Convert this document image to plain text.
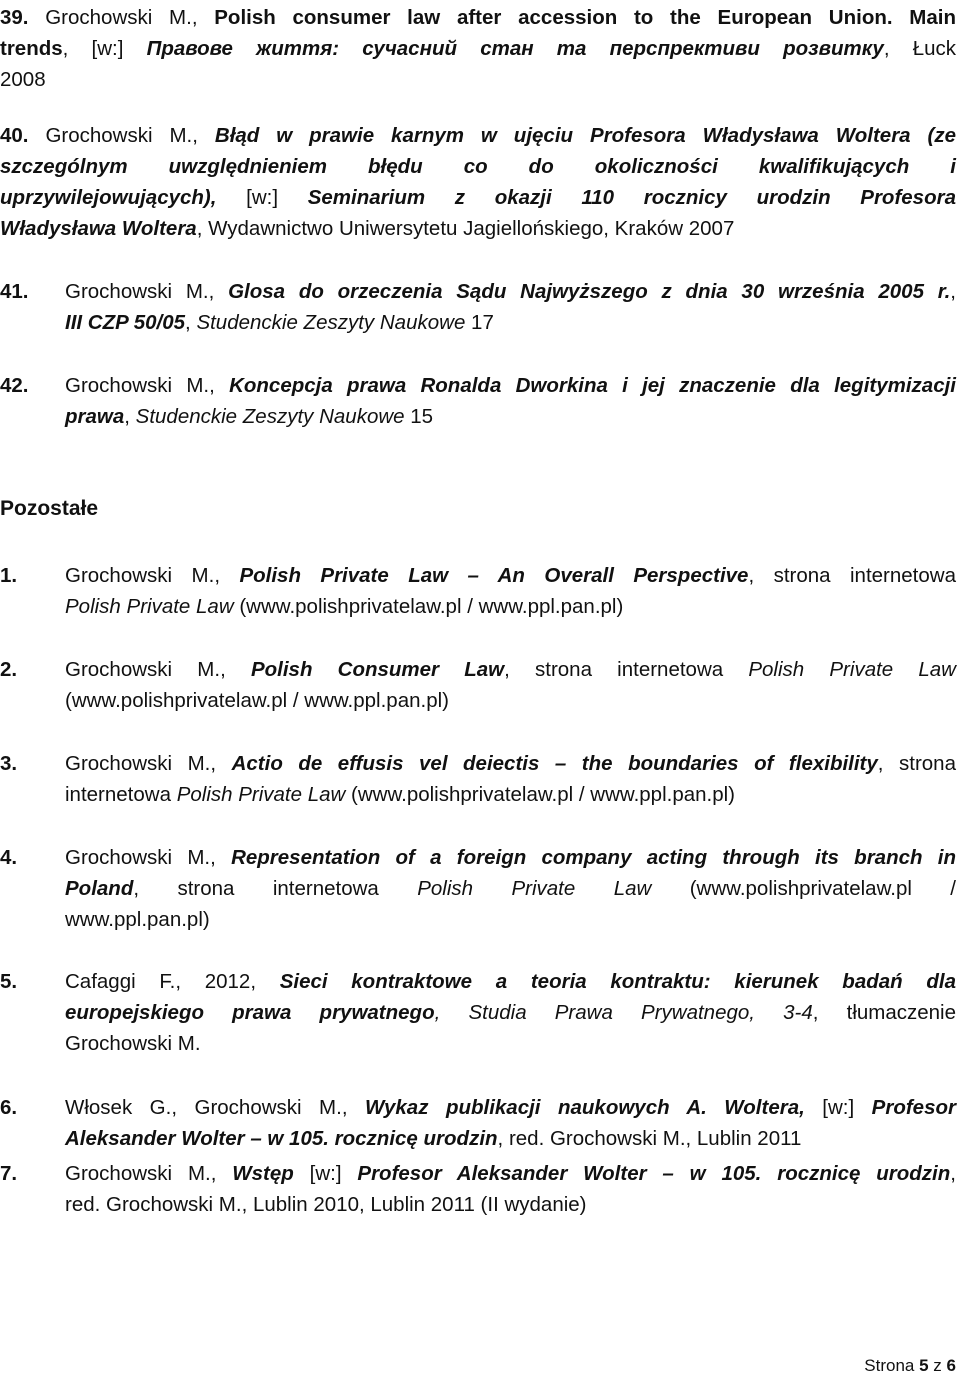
39. Grochowski M., Polish consumer law after accession to the European Union. Main
trends, [w:] Правове життя: сучасний стан та перспрективи розвитку, Łuck
2008
40. Grochowski M., Błąd w prawie karnym w ujęciu Profesora Władysława Woltera (ze
szczególnym uwzględnieniem błędu co do okoliczności kwalifikujących i
uprzywilejowujących), [w:] Seminarium z okazji 110 rocznicy urodzin Profesora
Władysława Woltera, Wydawnictwo Uniwersytetu Jagiellońskiego, Kraków 2007
41.Grochowski M., Glosa do orzeczenia Sądu Najwyższego z dnia 30 września 2005 r.,
III CZP 50/05, Studenckie Zeszyty Naukowe 17
42.Grochowski M., Koncepcja prawa Ronalda Dworkina i jej znaczenie dla legitymizacji
prawa, Studenckie Zeszyty Naukowe 15
Pozostałe
1.Grochowski M., Polish Private Law – An Overall Perspective, strona internetowa
Polish Private Law (www.polishprivatelaw.pl / www.ppl.pan.pl)
2.Grochowski M., Polish Consumer Law, strona internetowa Polish Private Law
(www.polishprivatelaw.pl / www.ppl.pan.pl)
3.Grochowski M., Actio de effusis vel deiectis – the boundaries of flexibility, strona
internetowa Polish Private Law (www.polishprivatelaw.pl / www.ppl.pan.pl)
4.Grochowski M., Representation of a foreign company acting through its branch in
Poland, strona internetowa Polish Private Law (www.polishprivatelaw.pl /
www.ppl.pan.pl)
5.Cafaggi F., 2012, Sieci kontraktowe a teoria kontraktu: kierunek badań dla
europejskiego prawa prywatnego, Studia Prawa Prywatnego, 3-4, tłumaczenie
Grochowski M.
6.Włosek G., Grochowski M., Wykaz publikacji naukowych A. Woltera, [w:] Profesor
Aleksander Wolter – w 105. rocznicę urodzin, red. Grochowski M., Lublin 2011
7.Grochowski M., Wstęp [w:] Profesor Aleksander Wolter – w 105. rocznicę urodzin,
red. Grochowski M., Lublin 2010, Lublin 2011 (II wydanie)
Strona 5 z 6
